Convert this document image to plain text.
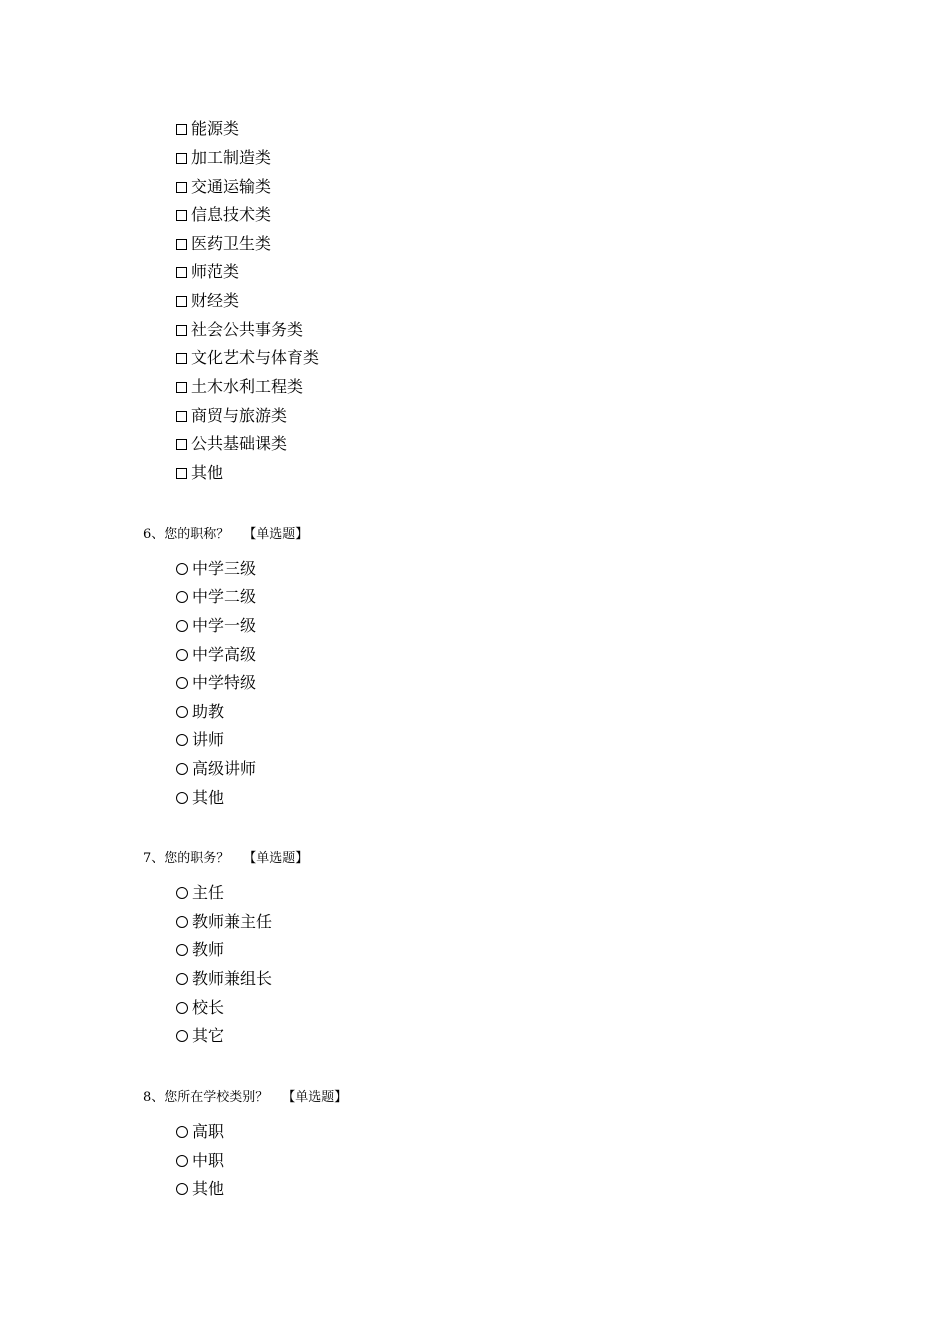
能源类
加工制造类
交通运输类
信息技术类
医药卫生类
师范类
财经类
社会公共事务类
文化艺术与体育类
土木水利工程类
商贸与旅游类
公共基础课类
其他
6、您的职称？ 【单选题】
中学三级
中学二级
中学一级
中学高级
中学特级
助教
讲师
高级讲师
其他
7、您的职务？ 【单选题】
主任
教师兼主任
教师
教师兼组长
校长
其它
8、您所在学校类别？ 【单选题】
高职
中职
其他
